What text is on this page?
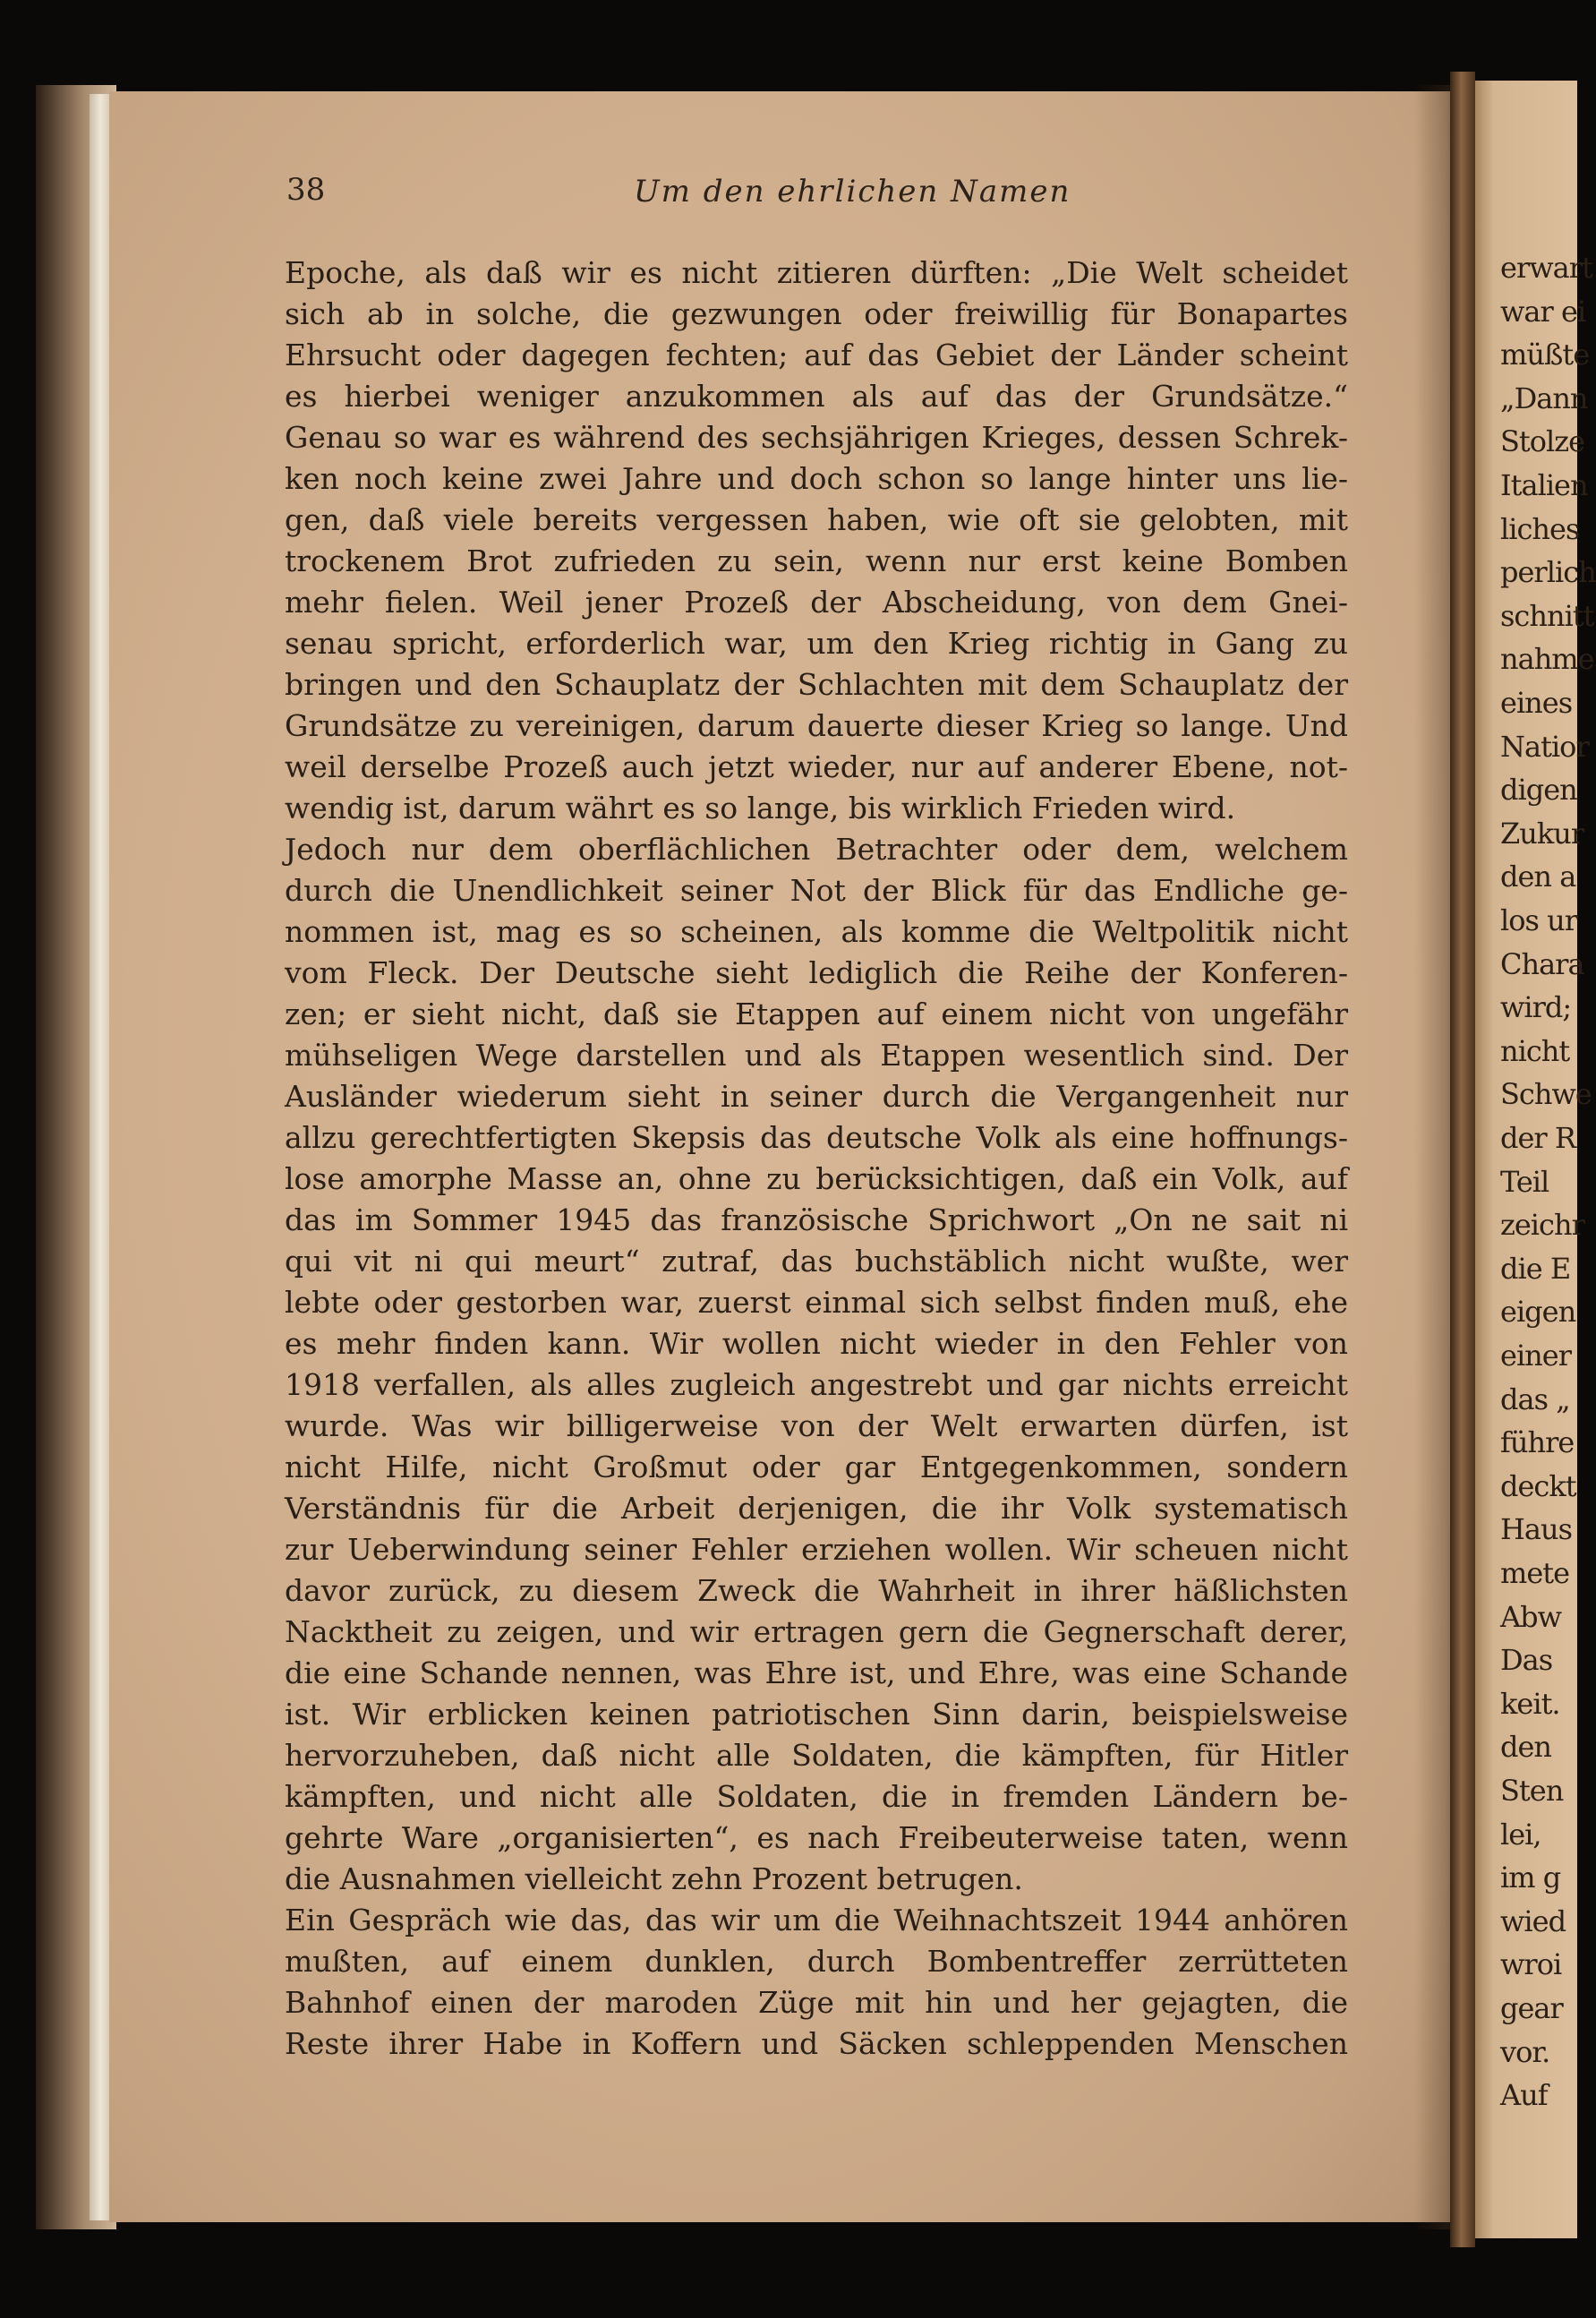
38	Um den ehrlichen Namen
Epoche, als daß wir es nicht zitieren dürften: „Die Welt scheidet
sich ab in solche, die gezwungen oder freiwillig für Bonapartes
Ehrsucht oder dagegen fechten; auf das Gebiet der Länder scheint
es hierbei weniger anzukommen als auf das der Grundsätze.“
Genau so war es während des sechsjährigen Krieges, dessen Schrek-
ken noch keine zwei Jahre und doch schon so lange hinter uns lie-
gen, daß viele bereits vergessen haben, wie oft sie gelobten, mit
trockenem Brot zufrieden zu sein, wenn nur erst keine Bomben
mehr fielen. Weil jener Prozeß der Abscheidung, von dem Gnei-
senau spricht, erforderlich war, um den Krieg richtig in Gang zu
bringen und den Schauplatz der Schlachten mit dem Schauplatz der
Grundsätze zu vereinigen, darum dauerte dieser Krieg so lange. Und
weil derselbe Prozeß auch jetzt wieder, nur auf anderer Ebene, not-
wendig ist, darum währt es so lange, bis wirklich Frieden wird.
Jedoch nur dem oberflächlichen Betrachter oder dem, welchem
durch die Unendlichkeit seiner Not der Blick für das Endliche ge-
nommen ist, mag es so scheinen, als komme die Weltpolitik nicht
vom Fleck. Der Deutsche sieht lediglich die Reihe der Konferen-
zen; er sieht nicht, daß sie Etappen auf einem nicht von ungefähr
mühseligen Wege darstellen und als Etappen wesentlich sind. Der
Ausländer wiederum sieht in seiner durch die Vergangenheit nur
allzu gerechtfertigten Skepsis das deutsche Volk als eine hoffnungs-
lose amorphe Masse an, ohne zu berücksichtigen, daß ein Volk, auf
das im Sommer 1945 das französische Sprichwort „On ne sait ni
qui vit ni qui meurt“ zutraf, das buchstäblich nicht wußte, wer
lebte oder gestorben war, zuerst einmal sich selbst finden muß, ehe
es mehr finden kann. Wir wollen nicht wieder in den Fehler von
1918 verfallen, als alles zugleich angestrebt und gar nichts erreicht
wurde. Was wir billigerweise von der Welt erwarten dürfen, ist
nicht Hilfe, nicht Großmut oder gar Entgegenkommen, sondern
Verständnis für die Arbeit derjenigen, die ihr Volk systematisch
zur Ueberwindung seiner Fehler erziehen wollen. Wir scheuen nicht
davor zurück, zu diesem Zweck die Wahrheit in ihrer häßlichsten
Nacktheit zu zeigen, und wir ertragen gern die Gegnerschaft derer,
die eine Schande nennen, was Ehre ist, und Ehre, was eine Schande
ist. Wir erblicken keinen patriotischen Sinn darin, beispielsweise
hervorzuheben, daß nicht alle Soldaten, die kämpften, für Hitler
kämpften, und nicht alle Soldaten, die in fremden Ländern be-
gehrte Ware „organisierten“, es nach Freibeuterweise taten, wenn
die Ausnahmen vielleicht zehn Prozent betrugen.
Ein Gespräch wie das, das wir um die Weihnachtszeit 1944 anhören
mußten, auf einem dunklen, durch Bombentreffer zerrütteten
Bahnhof einen der maroden Züge mit hin und her gejagten, die
Reste ihrer Habe in Koffern und Säcken schleppenden Menschen
erwart
war ei
müßte
„Dann
Stolze
Italien
liches
perlich
schnitt
nahme
eines
Natior
digen
Zukur
den a
los ur
Chara
wird;
nicht
Schwe
der R
Teil
zeichr
die E
eigen
einer
das „
führe
deckt
Haus
mete
Abw
Das
keit.
den
Sten
lei,
im g
wied
wroi
gear
vor.
Auf
